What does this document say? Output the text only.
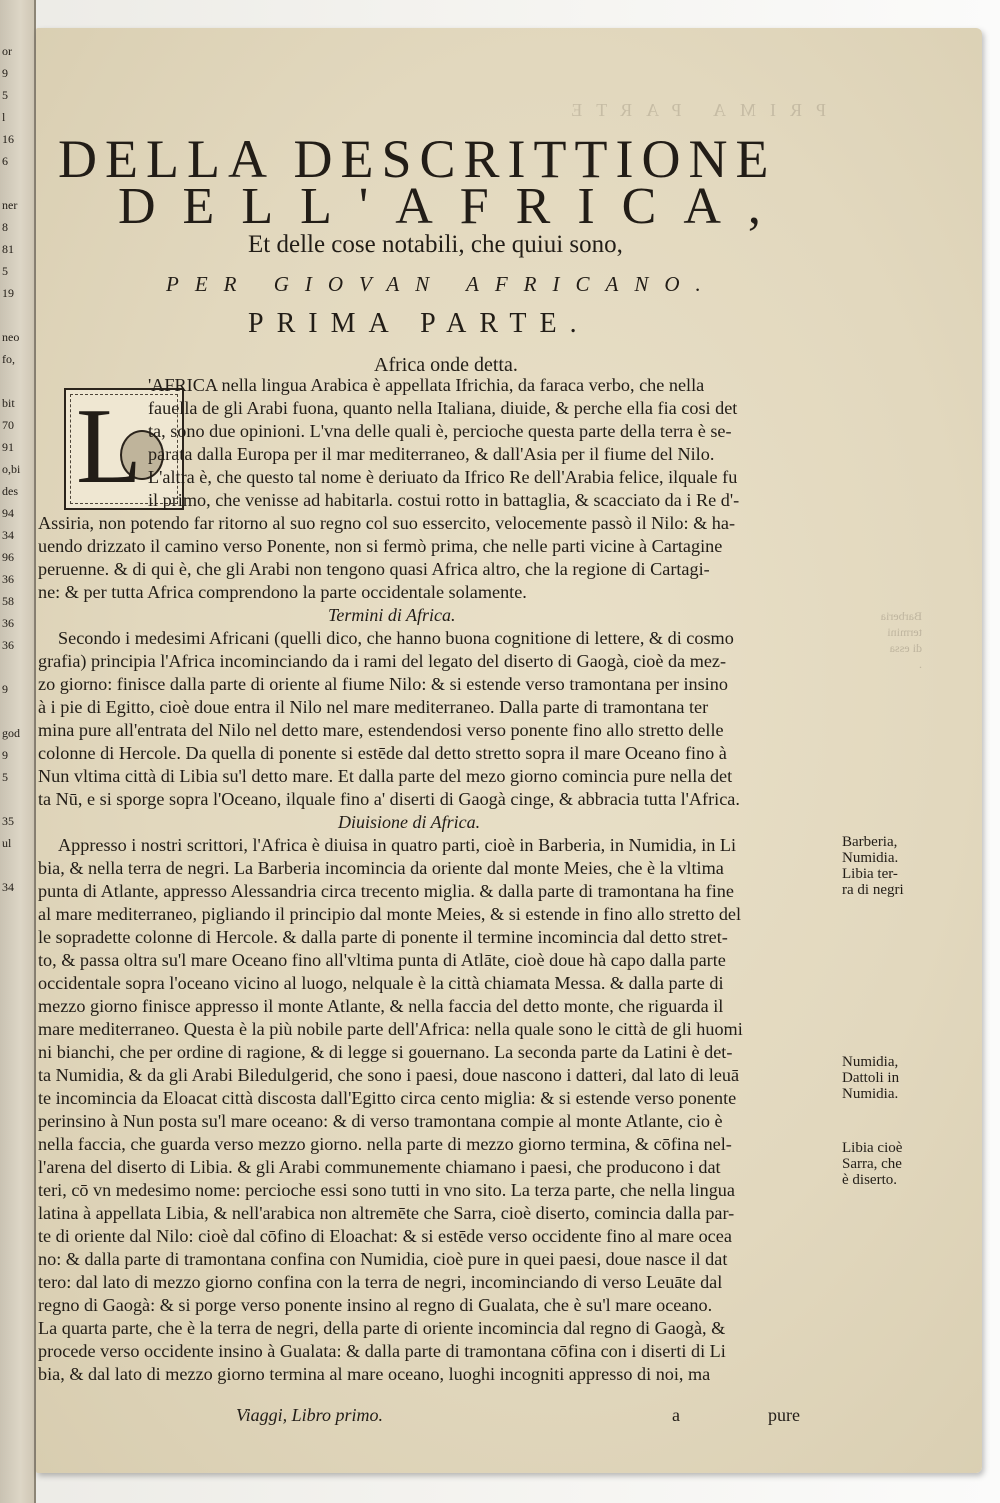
or
9
5
l
16
6

ner
8
81
5
19

neo
fo,

bit
70
91
o,bi
des
94
34
96
36
58
36
36

9

god
9
5

35
ul

34

PRIMA PARTE
DELLA DESCRITTIONE
DELL'AFRICA,
Et delle cose notabili, che quiui sono,
PER GIOVAN AFRICANO.
PRIMA PARTE.
Africa onde detta.
L
'AFRICA nella lingua Arabica è appellata Ifrichia, da faraca verbo, che nella
fauella de gli Arabi fuona, quanto nella Italiana, diuide, & perche ella fia cosi det
ta, sono due opinioni. L'vna delle quali è, percioche questa parte della terra è se-
parata dalla Europa per il mar mediterraneo, & dall'Asia per il fiume del Nilo.
L'altra è, che questo tal nome è deriuato da Ifrico Re dell'Arabia felice, ilquale fu
il primo, che venisse ad habitarla. costui rotto in battaglia, & scacciato da i Re d'-
Assiria, non potendo far ritorno al suo regno col suo essercito, velocemente passò il Nilo: & ha-
uendo drizzato il camino verso Ponente, non si fermò prima, che nelle parti vicine à Cartagine
peruenne. & di qui è, che gli Arabi non tengono quasi Africa altro, che la regione di Cartagi-
ne: & per tutta Africa comprendono la parte occidentale solamente.
Termini di Africa.
Secondo i medesimi Africani (quelli dico, che hanno buona cognitione di lettere, & di cosmo
grafia) principia l'Africa incominciando da i rami del legato del diserto di Gaogà, cioè da mez-
zo giorno: finisce dalla parte di oriente al fiume Nilo: & si estende verso tramontana per insino
à i pie di Egitto, cioè doue entra il Nilo nel mare mediterraneo. Dalla parte di tramontana ter
mina pure all'entrata del Nilo nel detto mare, estendendosi verso ponente fino allo stretto delle
colonne di Hercole. Da quella di ponente si estēde dal detto stretto sopra il mare Oceano fino à
Nun vltima città di Libia su'l detto mare. Et dalla parte del mezo giorno comincia pure nella det
ta Nū, e si sporge sopra l'Oceano, ilquale fino a' diserti di Gaogà cinge, & abbracia tutta l'Africa.
Diuisione di Africa.
Appresso i nostri scrittori, l'Africa è diuisa in quatro parti, cioè in Barberia, in Numidia, in Li
bia, & nella terra de negri. La Barberia incomincia da oriente dal monte Meies, che è la vltima
punta di Atlante, appresso Alessandria circa trecento miglia. & dalla parte di tramontana ha fine
al mare mediterraneo, pigliando il principio dal monte Meies, & si estende in fino allo stretto del
le sopradette colonne di Hercole. & dalla parte di ponente il termine incomincia dal detto stret-
to, & passa oltra su'l mare Oceano fino all'vltima punta di Atlāte, cioè doue hà capo dalla parte
occidentale sopra l'oceano vicino al luogo, nelquale è la città chiamata Messa. & dalla parte di
mezzo giorno finisce appresso il monte Atlante, & nella faccia del detto monte, che riguarda il
mare mediterraneo. Questa è la più nobile parte dell'Africa: nella quale sono le città de gli huomi
ni bianchi, che per ordine di ragione, & di legge si gouernano. La seconda parte da Latini è det-
ta Numidia, & da gli Arabi Biledulgerid, che sono i paesi, doue nascono i datteri, dal lato di leuā
te incomincia da Eloacat città discosta dall'Egitto circa cento miglia: & si estende verso ponente
perinsino à Nun posta su'l mare oceano: & di verso tramontana compie al monte Atlante, cio è
nella faccia, che guarda verso mezzo giorno. nella parte di mezzo giorno termina, & cōfina nel-
l'arena del diserto di Libia. & gli Arabi communemente chiamano i paesi, che producono i dat
teri, cō vn medesimo nome: percioche essi sono tutti in vno sito. La terza parte, che nella lingua
latina à appellata Libia, & nell'arabica non altremēte che Sarra, cioè diserto, comincia dalla par-
te di oriente dal Nilo: cioè dal cōfino di Eloachat: & si estēde verso occidente fino al mare ocea
no: & dalla parte di tramontana confina con Numidia, cioè pure in quei paesi, doue nasce il dat
tero: dal lato di mezzo giorno confina con la terra de negri, incominciando di verso Leuāte dal
regno di Gaogà: & si porge verso ponente insino al regno di Gualata, che è su'l mare oceano.
La quarta parte, che è la terra de negri, della parte di oriente incomincia dal regno di Gaogà, &
procede verso occidente insino à Gualata: & dalla parte di tramontana cōfina con i diserti di Li
bia, & dal lato di mezzo giorno termina al mare oceano, luoghi incogniti appresso di noi, ma
Barberia
termini
di essa
.
Barberia,
Numidia.
Libia ter-
ra di negri
Numidia,
Dattoli in
Numidia.
Libia cioè
Sarra, che
è diserto.
Viaggi, Libro primo.	a	pure
